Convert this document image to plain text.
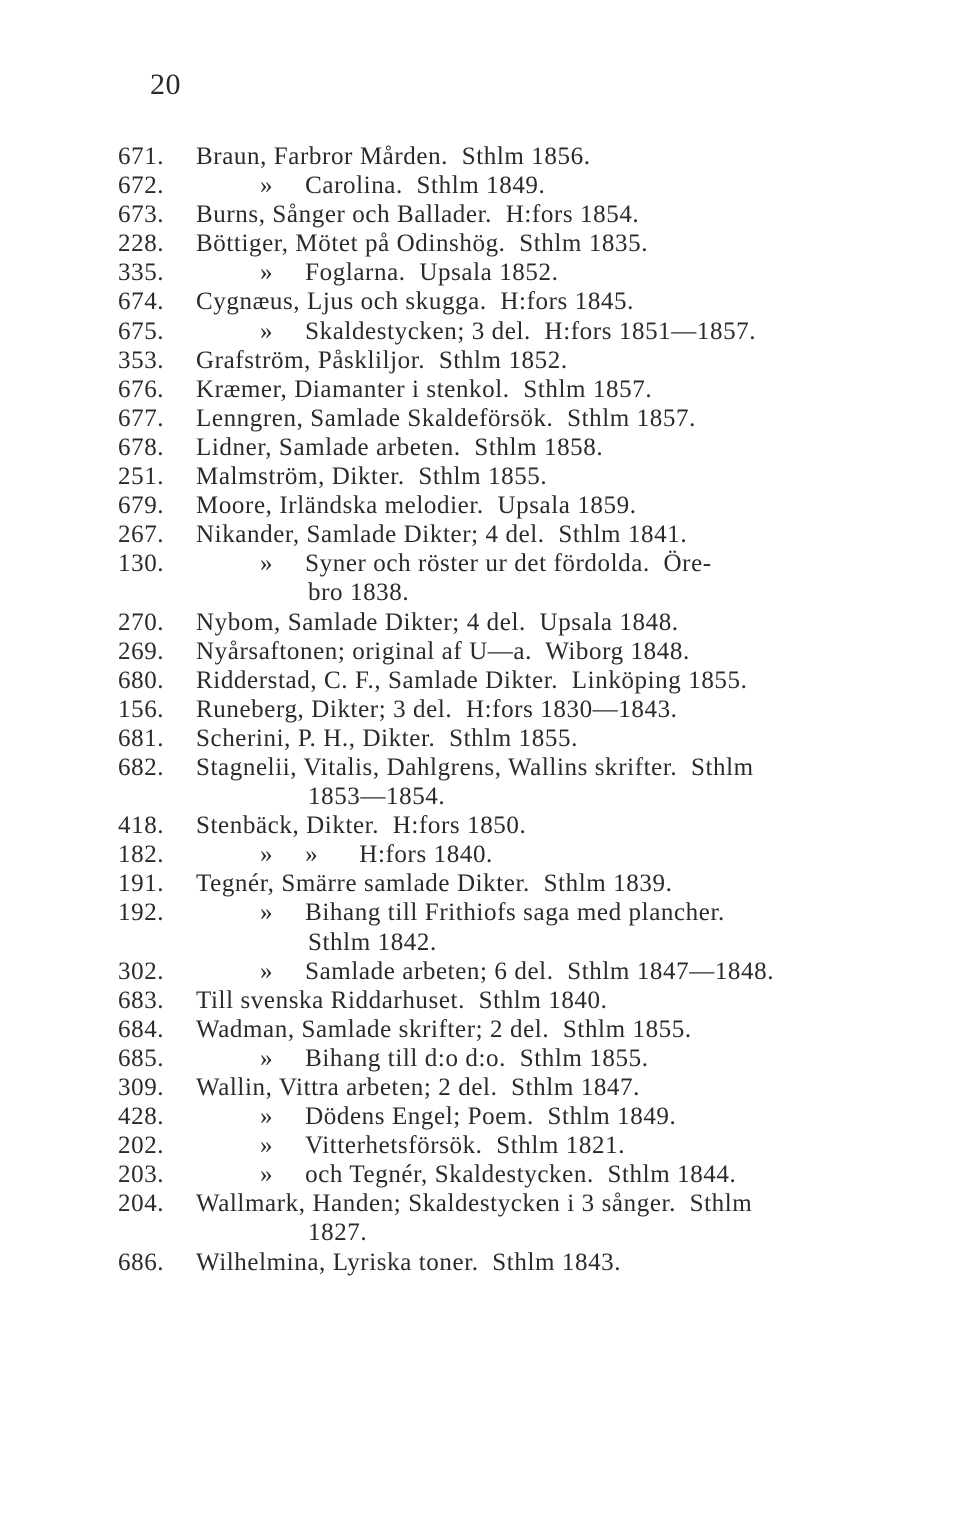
20
671.	Braun, Farbror Mården.  Sthlm 1856.
672.	» Carolina.  Sthlm 1849.
673.	Burns, Sånger och Ballader.  H:fors 1854.
228.	Böttiger, Mötet på Odinshög.  Sthlm 1835.
335.	» Foglarna.  Upsala 1852.
674.	Cygnæus, Ljus och skugga.  H:fors 1845.
675.	» Skaldestycken; 3 del.  H:fors 1851—1857.
353.	Grafström, Påskliljor.  Sthlm 1852.
676.	Kræmer, Diamanter i stenkol.  Sthlm 1857.
677.	Lenngren, Samlade Skaldeförsök.  Sthlm 1857.
678.	Lidner, Samlade arbeten.  Sthlm 1858.
251.	Malmström, Dikter.  Sthlm 1855.
679.	Moore, Irländska melodier.  Upsala 1859.
267.	Nikander, Samlade Dikter; 4 del.  Sthlm 1841.
130.	» Syner och röster ur det fördolda.  Öre-
bro 1838.
270.	Nybom, Samlade Dikter; 4 del.  Upsala 1848.
269.	Nyårsaftonen; original af U—a.  Wiborg 1848.
680.	Ridderstad, C. F., Samlade Dikter.  Linköping 1855.
156.	Runeberg, Dikter; 3 del.  H:fors 1830—1843.
681.	Scherini, P. H., Dikter.  Sthlm 1855.
682.	Stagnelii, Vitalis, Dahlgrens, Wallins skrifter.  Sthlm
1853—1854.
418.	Stenbäck, Dikter.  H:fors 1850.
182.	» »      H:fors 1840.
191.	Tegnér, Smärre samlade Dikter.  Sthlm 1839.
192.	» Bihang till Frithiofs saga med plancher.
Sthlm 1842.
302.	» Samlade arbeten; 6 del.  Sthlm 1847—1848.
683.	Till svenska Riddarhuset.  Sthlm 1840.
684.	Wadman, Samlade skrifter; 2 del.  Sthlm 1855.
685.	» Bihang till d:o d:o.  Sthlm 1855.
309.	Wallin, Vittra arbeten; 2 del.  Sthlm 1847.
428.	» Dödens Engel; Poem.  Sthlm 1849.
202.	» Vitterhetsförsök.  Sthlm 1821.
203.	» och Tegnér, Skaldestycken.  Sthlm 1844.
204.	Wallmark, Handen; Skaldestycken i 3 sånger.  Sthlm
1827.
686.	Wilhelmina, Lyriska toner.  Sthlm 1843.
